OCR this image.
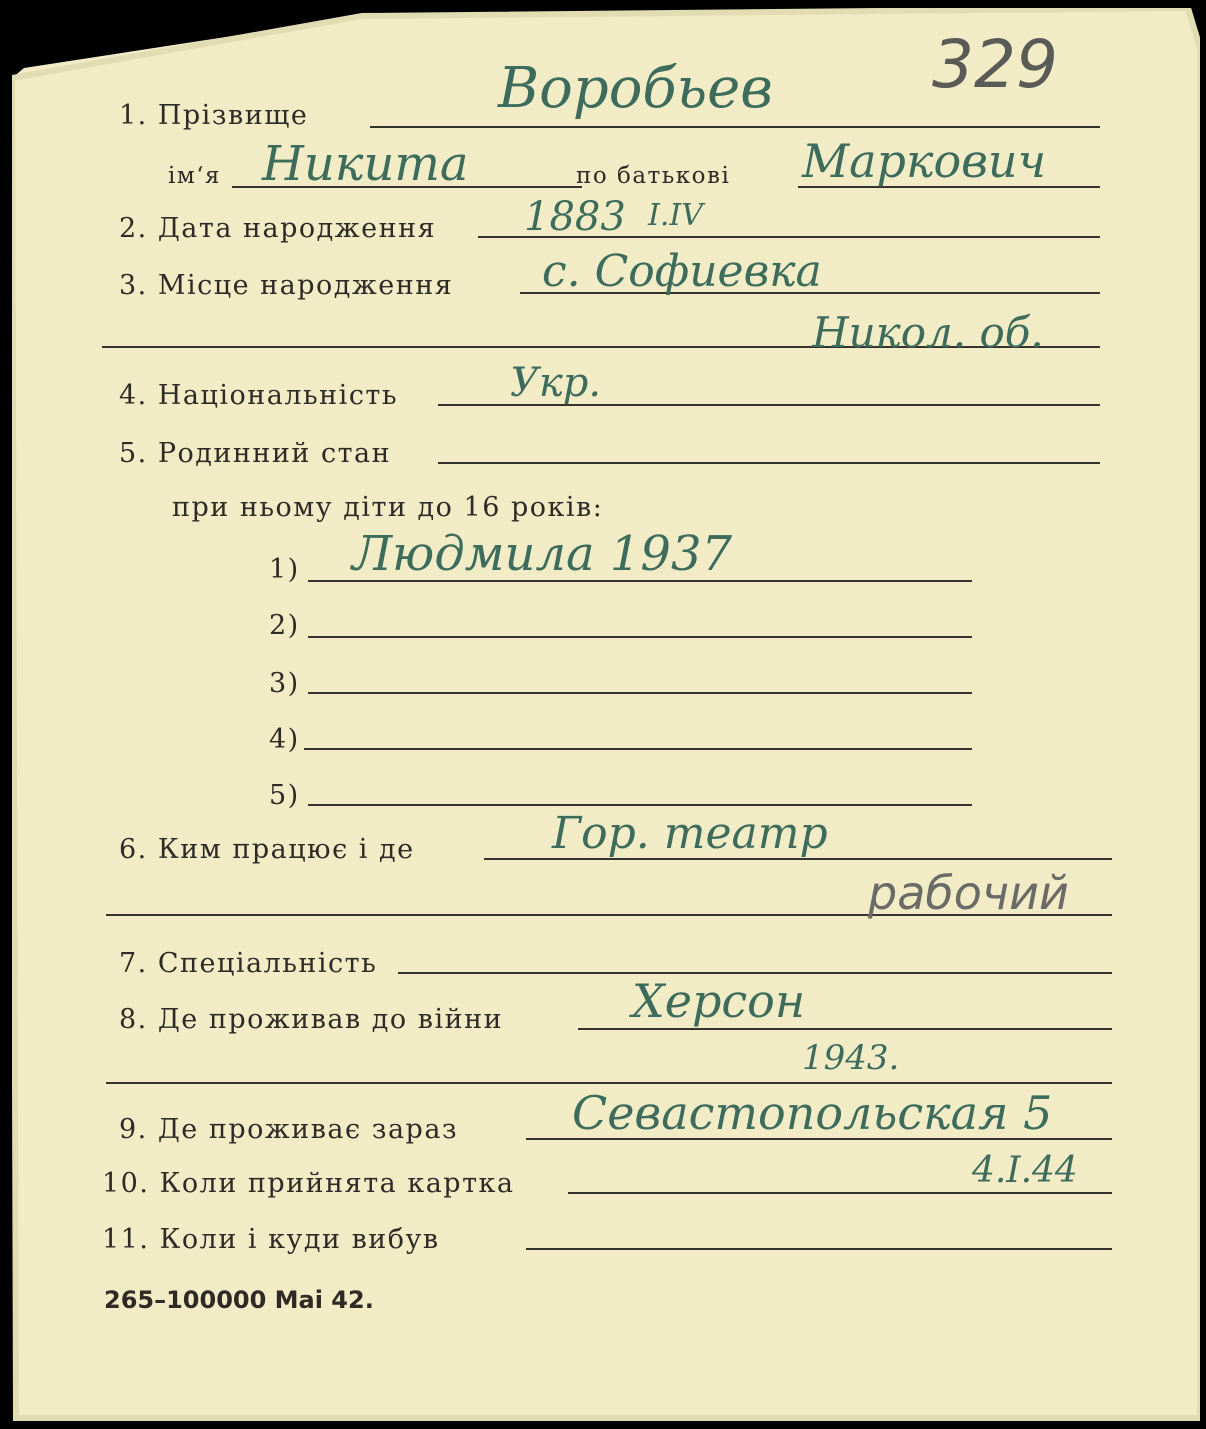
329
1. Прізвище	Воробьев
ім‘я Никита	по батькові Маркович
2. Дата народження 1883 I.IV
3. Місце народження с. Софиевка
Никол. об.
4. Національність	Укр.
5. Родинний стан
при ньому діти до 16 років:
1) Людмила 1937
2)
3)
4)
5)
6. Ким працює і де	Гор. театр
рабочий
7. Спеціальність
8. Де проживав до війни	Херсон
1943.
9. Де проживає зараз Севастопольская 5
10. Коли прийнята картка	4.I.44
11. Коли і куди вибув
265–100000 Mai 42.
